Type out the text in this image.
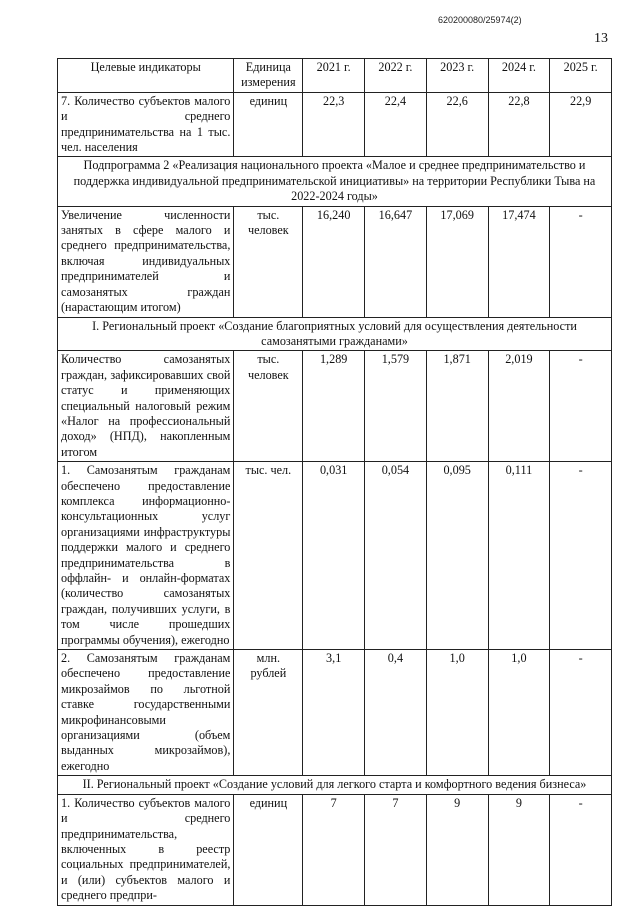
620200080/25974(2)
13
Целевые индикаторы	Единица измерения	2021 г.	2022 г.	2023 г.	2024 г.	2025 г.
7. Количество субъектов малого и среднего предпринимательства на 1 тыс. чел. населения	единиц	22,3	22,4	22,6	22,8	22,9
Подпрограмма 2 «Реализация национального проекта «Малое и среднее предпринимательство и поддержка индивидуальной предпринимательской инициативы» на территории Республики Тыва на 2022-2024 годы»						
Увеличение численности занятых в сфере малого и среднего предпринимательства, включая индивидуальных предпринимателей и самозанятых граждан (нарастающим итогом)	тыс. человек	16,240	16,647	17,069	17,474	-
I. Региональный проект «Создание благоприятных условий для осуществления деятельности самозанятыми гражданами»						
Количество самозанятых граждан, зафиксировавших свой статус и применяющих специальный налоговый режим «Налог на профессиональный доход» (НПД), накопленным итогом	тыс. человек	1,289	1,579	1,871	2,019	-
1. Самозанятым гражданам обеспечено предоставление комплекса информационно-консультационных услуг организациями инфраструктуры поддержки малого и среднего предпринимательства в оффлайн- и онлайн-форматах (количество самозанятых граждан, получивших услуги, в том числе прошедших программы обучения), ежегодно	тыс. чел.	0,031	0,054	0,095	0,111	-
2. Самозанятым гражданам обеспечено предоставление микрозаймов по льготной ставке государственными микрофинансовыми организациями (объем выданных микрозаймов), ежегодно	млн. рублей	3,1	0,4	1,0	1,0	-
II. Региональный проект «Создание условий для легкого старта и комфортного ведения бизнеса»						
1. Количество субъектов малого и среднего предпринимательства, включенных в реестр социальных предпринимателей, и (или) субъектов малого и среднего предпри-	единиц	7	7	9	9	-
